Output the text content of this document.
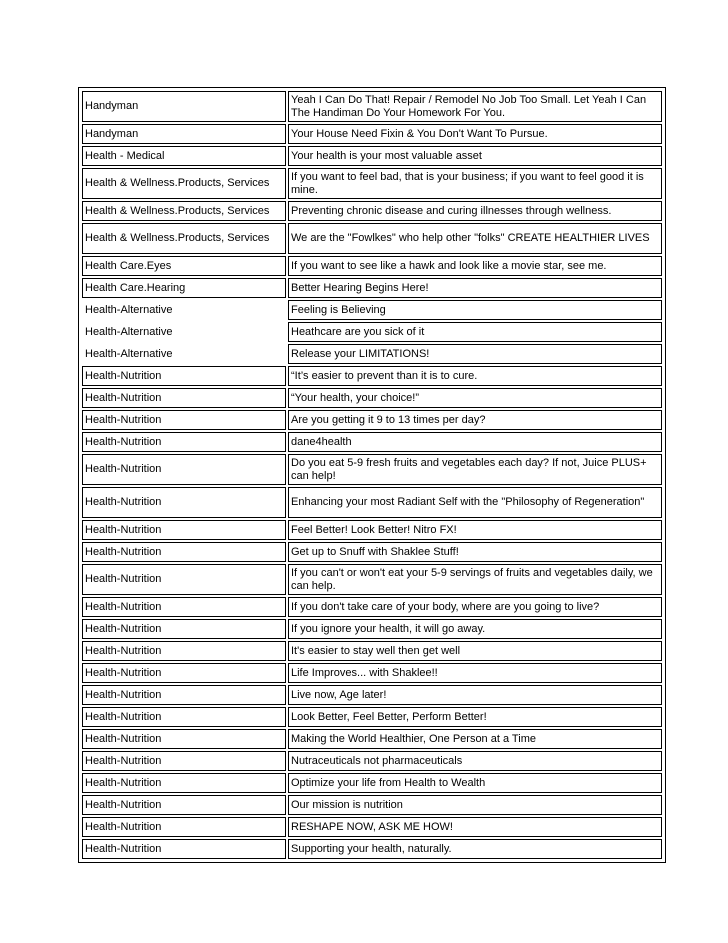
Handyman	Yeah I Can Do That! Repair / Remodel No Job Too Small. Let Yeah I Can The Handiman Do Your Homework For You.
Handyman	Your House Need Fixin & You Don't Want To Pursue.
Health - Medical	Your health is your most valuable asset
Health & Wellness.Products, Services	If you want to feel bad, that is your business; if you want to feel good it is mine.
Health & Wellness.Products, Services	Preventing chronic disease and curing illnesses through wellness.
Health & Wellness.Products, Services	We are the "Fowlkes" who help other "folks" CREATE HEALTHIER LIVES
Health Care.Eyes	If you want to see like a hawk and look like a movie star, see me.
Health Care.Hearing	Better Hearing Begins Here!
Health-Alternative	Feeling is Believing
Health-Alternative	Heathcare are you sick of it
Health-Alternative	Release your LIMITATIONS!
Health-Nutrition	“It’s easier to prevent than it is to cure.
Health-Nutrition	“Your health, your choice!”
Health-Nutrition	Are you getting it 9 to 13 times per day?
Health-Nutrition	dane4health
Health-Nutrition	Do you eat 5-9 fresh fruits and vegetables each day? If not, Juice PLUS+ can help!
Health-Nutrition	Enhancing your most Radiant Self with the "Philosophy of Regeneration"
Health-Nutrition	Feel Better! Look Better! Nitro FX!
Health-Nutrition	Get up to Snuff with Shaklee Stuff!
Health-Nutrition	If you can't or won't eat your 5-9 servings of fruits and vegetables daily, we can help.
Health-Nutrition	If you don't take care of your body, where are you going to live?
Health-Nutrition	If you ignore your health, it will go away.
Health-Nutrition	It's easier to stay well then get well
Health-Nutrition	Life Improves... with Shaklee!!
Health-Nutrition	Live now, Age later!
Health-Nutrition	Look Better, Feel Better, Perform Better!
Health-Nutrition	Making the World Healthier, One Person at a Time
Health-Nutrition	Nutraceuticals not pharmaceuticals
Health-Nutrition	Optimize your life from Health to Wealth
Health-Nutrition	Our mission is nutrition
Health-Nutrition	RESHAPE NOW, ASK ME HOW!
Health-Nutrition	Supporting your health, naturally.
